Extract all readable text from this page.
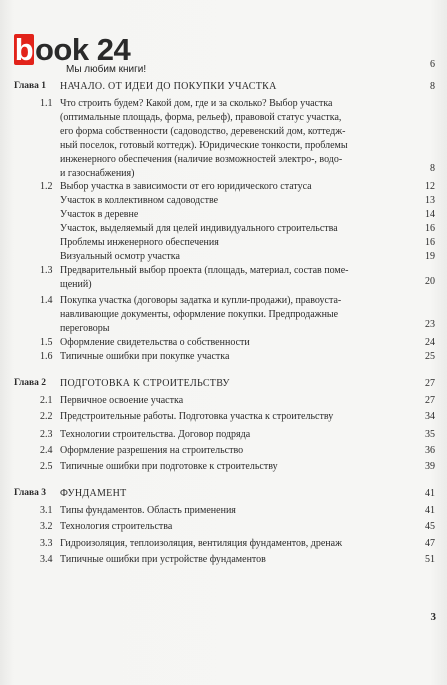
book 24
Мы любим книги!	6
Глава 1 НАЧАЛО. ОТ ИДЕИ ДО ПОКУПКИ УЧАСТКА	8
1.1 Что строить будем? Какой дом, где и за сколько? Выбор участка
(оптимальные площадь, форма, рельеф), правовой статус участка,
его форма собственности (садоводство, деревенский дом, коттедж-
ный поселок, готовый коттедж). Юридические тонкости, проблемы
инженерного обеспечения (наличие возможностей электро-, водо-
и газоснабжения)	8
1.2 Выбор участка в зависимости от его юридического статуса	12
Участок в коллективном садоводстве	13
Участок в деревне	14
Участок, выделяемый для целей индивидуального строительства	16
Проблемы инженерного обеспечения	16
Визуальный осмотр участка	19
1.3 Предварительный выбор проекта (площадь, материал, состав поме-
щений)	20
1.4 Покупка участка (договоры задатка и купли-продажи), правоуста-
навливающие документы, оформление покупки. Предпродажные
переговоры	23
1.5 Оформление свидетельства о собственности	24
1.6 Типичные ошибки при покупке участка	25
Глава 2 ПОДГОТОВКА К СТРОИТЕЛЬСТВУ	27
2.1 Первичное освоение участка	27
2.2 Предстроительные работы. Подготовка участка к строительству	34
2.3 Технологии строительства. Договор подряда	35
2.4 Оформление разрешения на строительство	36
2.5 Типичные ошибки при подготовке к строительству	39
Глава 3 ФУНДАМЕНТ	41
3.1 Типы фундаментов. Область применения	41
3.2 Технология строительства	45
3.3 Гидроизоляция, теплоизоляция, вентиляция фундаментов, дренаж	47
3.4 Типичные ошибки при устройстве фундаментов	51
3
